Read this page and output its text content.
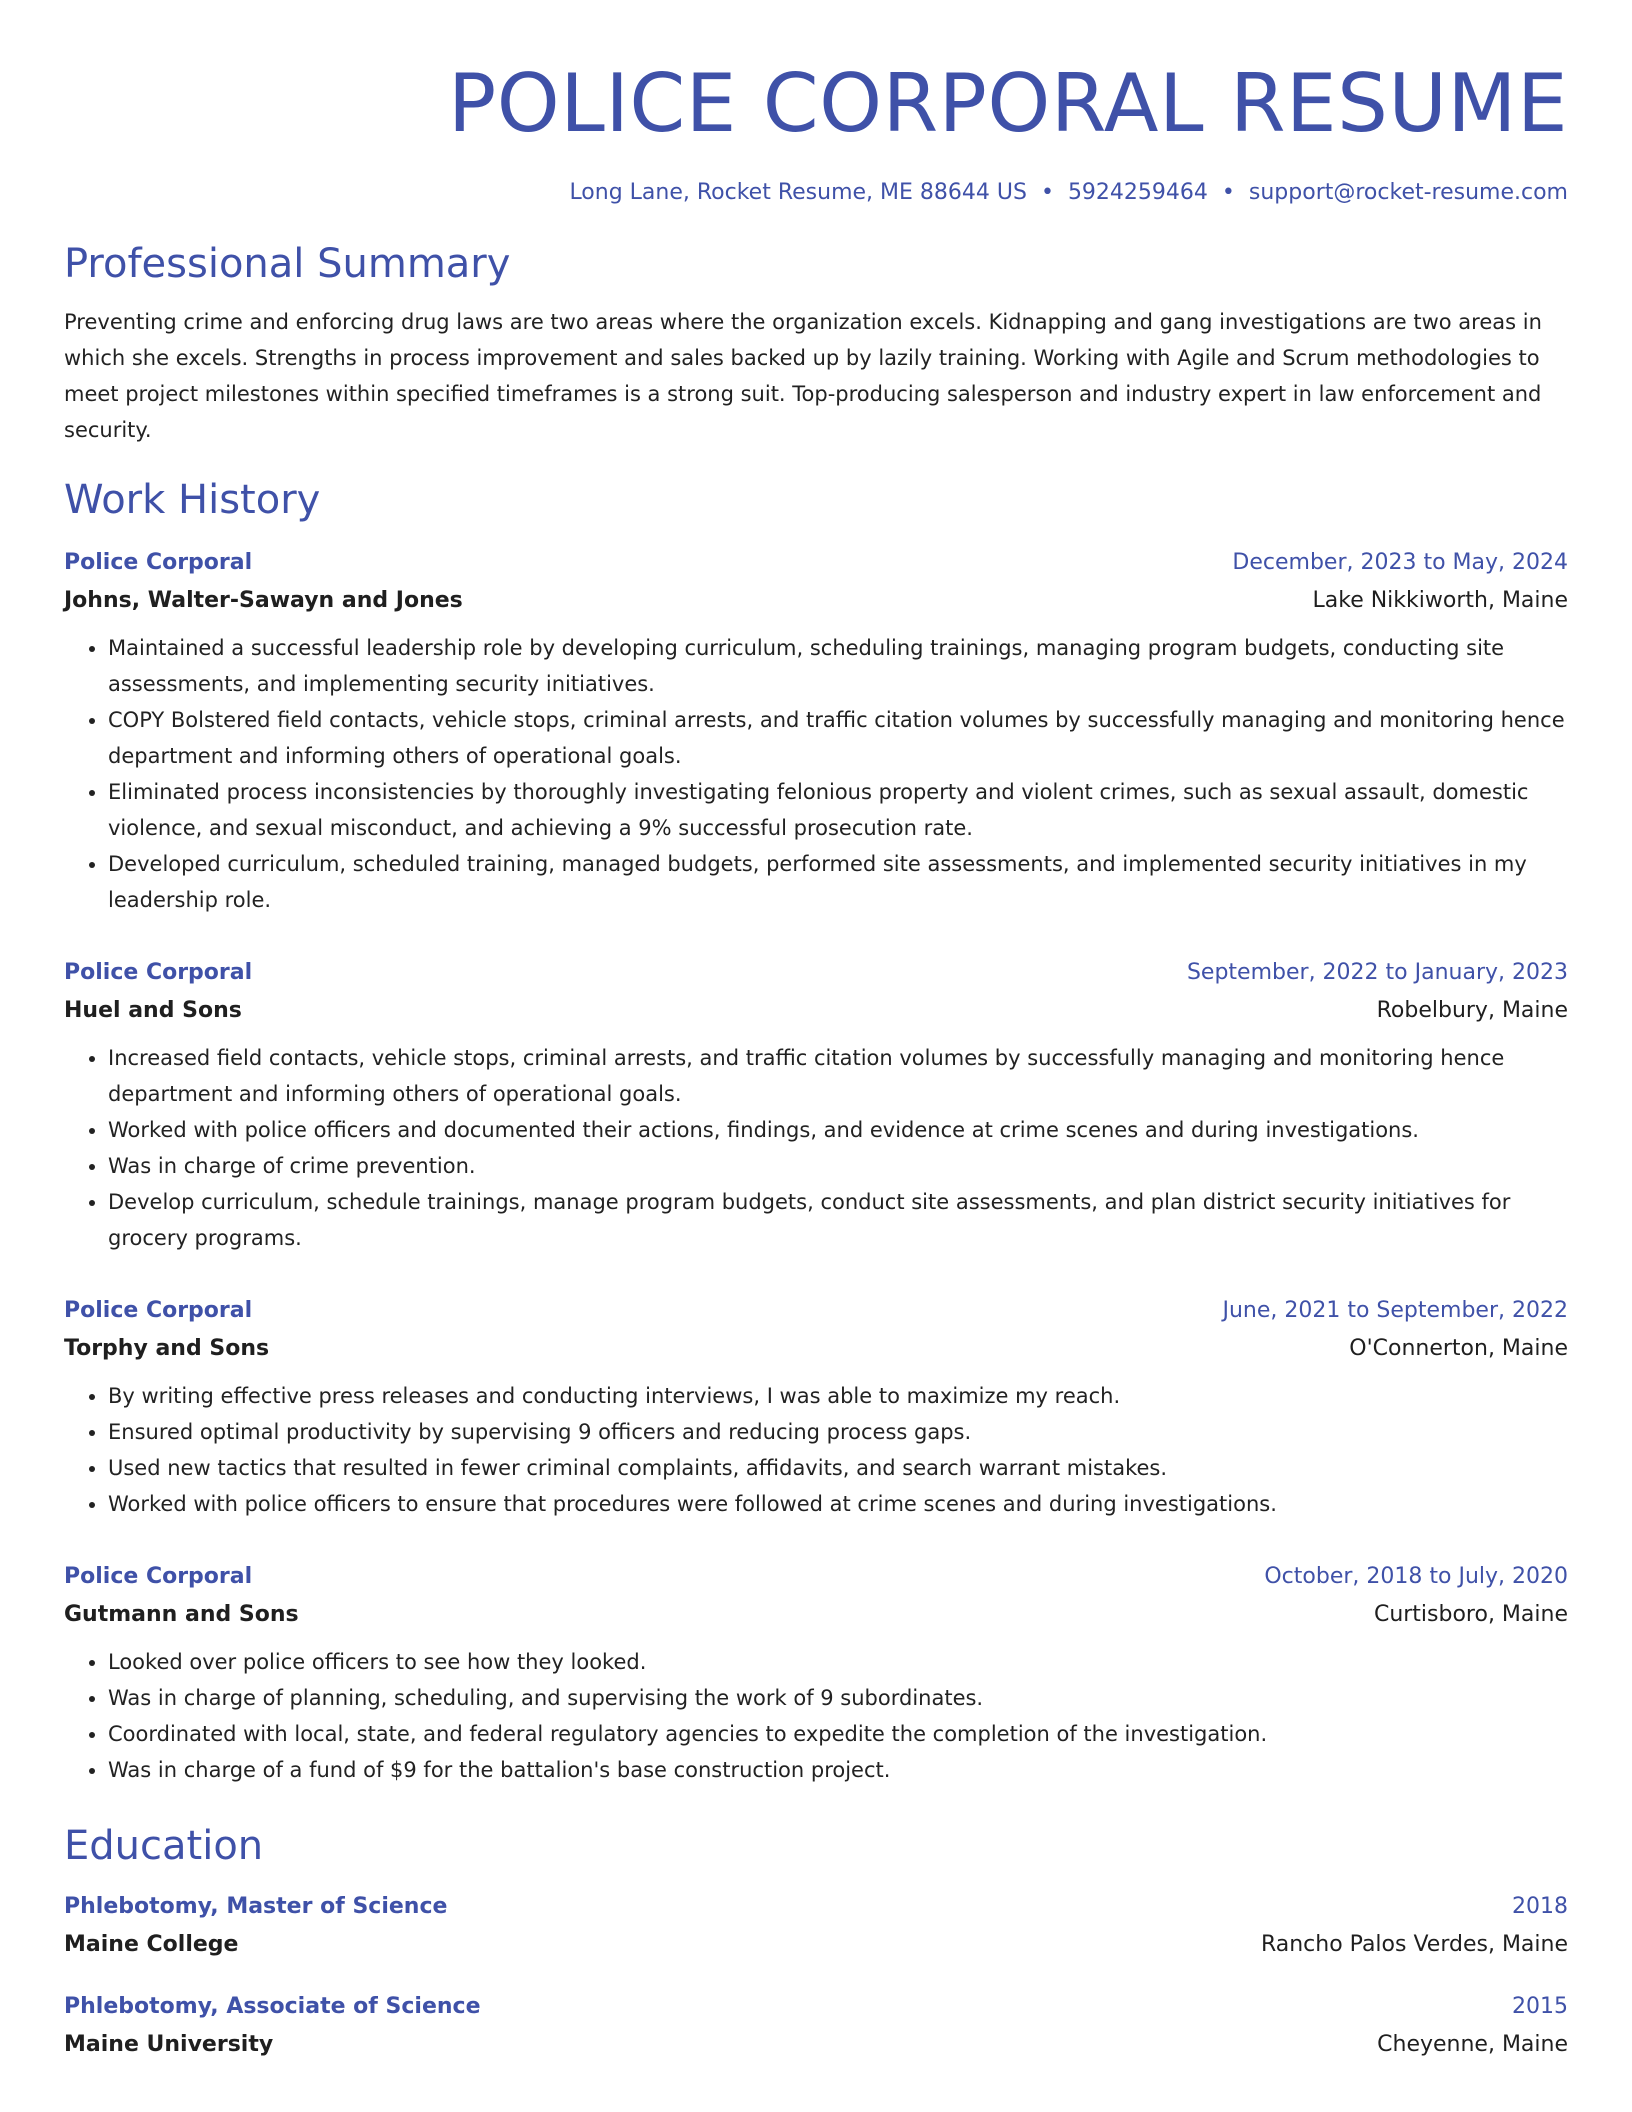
POLICE CORPORAL RESUME
Long Lane, Rocket Resume, ME 88644 US • 5924259464 • support@rocket-resume.com
Professional Summary
Preventing crime and enforcing drug laws are two areas where the organization excels. Kidnapping and gang investigations are two areas in which she excels. Strengths in process improvement and sales backed up by lazily training. Working with Agile and Scrum methodologies to meet project milestones within specified timeframes is a strong suit. Top-producing salesperson and industry expert in law enforcement and security.
Work History
Police Corporal	December, 2023 to May, 2024
Johns, Walter-Sawayn and Jones	Lake Nikkiworth, Maine
• Maintained a successful leadership role by developing curriculum, scheduling trainings, managing program budgets, conducting site assessments, and implementing security initiatives.
• COPY Bolstered field contacts, vehicle stops, criminal arrests, and traffic citation volumes by successfully managing and monitoring hence department and informing others of operational goals.
• Eliminated process inconsistencies by thoroughly investigating felonious property and violent crimes, such as sexual assault, domestic violence, and sexual misconduct, and achieving a 9% successful prosecution rate.
• Developed curriculum, scheduled training, managed budgets, performed site assessments, and implemented security initiatives in my leadership role.
Police Corporal	September, 2022 to January, 2023
Huel and Sons	Robelbury, Maine
• Increased field contacts, vehicle stops, criminal arrests, and traffic citation volumes by successfully managing and monitoring hence department and informing others of operational goals.
• Worked with police officers and documented their actions, findings, and evidence at crime scenes and during investigations.
• Was in charge of crime prevention.
• Develop curriculum, schedule trainings, manage program budgets, conduct site assessments, and plan district security initiatives for grocery programs.
Police Corporal	June, 2021 to September, 2022
Torphy and Sons	O'Connerton, Maine
• By writing effective press releases and conducting interviews, I was able to maximize my reach.
• Ensured optimal productivity by supervising 9 officers and reducing process gaps.
• Used new tactics that resulted in fewer criminal complaints, affidavits, and search warrant mistakes.
• Worked with police officers to ensure that procedures were followed at crime scenes and during investigations.
Police Corporal	October, 2018 to July, 2020
Gutmann and Sons	Curtisboro, Maine
• Looked over police officers to see how they looked.
• Was in charge of planning, scheduling, and supervising the work of 9 subordinates.
• Coordinated with local, state, and federal regulatory agencies to expedite the completion of the investigation.
• Was in charge of a fund of $9 for the battalion's base construction project.
Education
Phlebotomy, Master of Science	2018
Maine College	Rancho Palos Verdes, Maine
Phlebotomy, Associate of Science	2015
Maine University	Cheyenne, Maine
